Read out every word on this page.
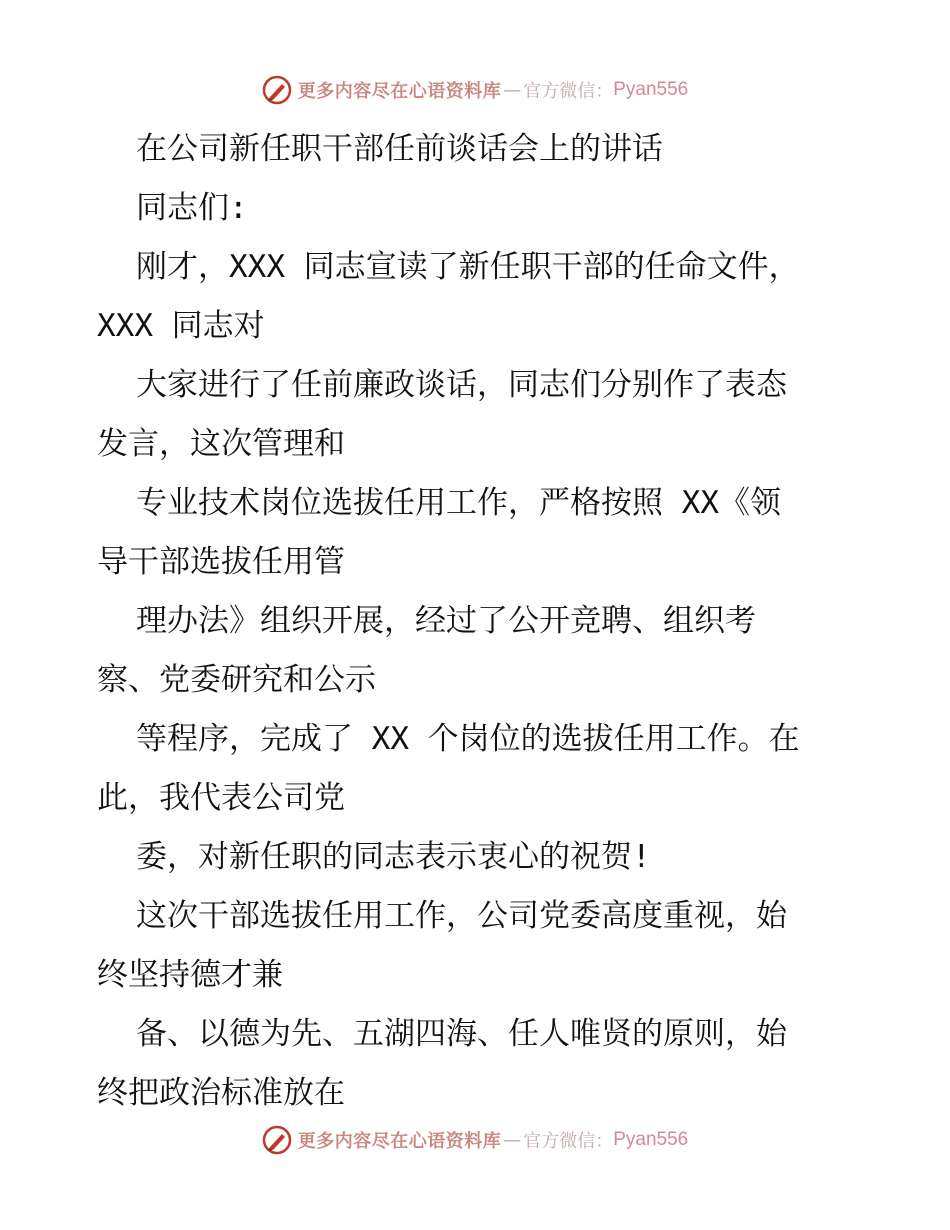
更多内容尽在心语资料库 — 官方微信： Pyan556
在公司新任职干部任前谈话会上的讲话
同志们:
刚才，XXX 同志宣读了新任职干部的任命文件，
XXX 同志对
大家进行了任前廉政谈话，同志们分别作了表态
发言，这次管理和
专业技术岗位选拔任用工作，严格按照 XX《领
导干部选拔任用管
理办法》组织开展，经过了公开竞聘、组织考
察、党委研究和公示
等程序，完成了 XX 个岗位的选拔任用工作。在
此，我代表公司党
委，对新任职的同志表示衷心的祝贺!
这次干部选拔任用工作，公司党委高度重视，始
终坚持德才兼
备、以德为先、五湖四海、任人唯贤的原则，始
终把政治标准放在
更多内容尽在心语资料库 — 官方微信： Pyan556
